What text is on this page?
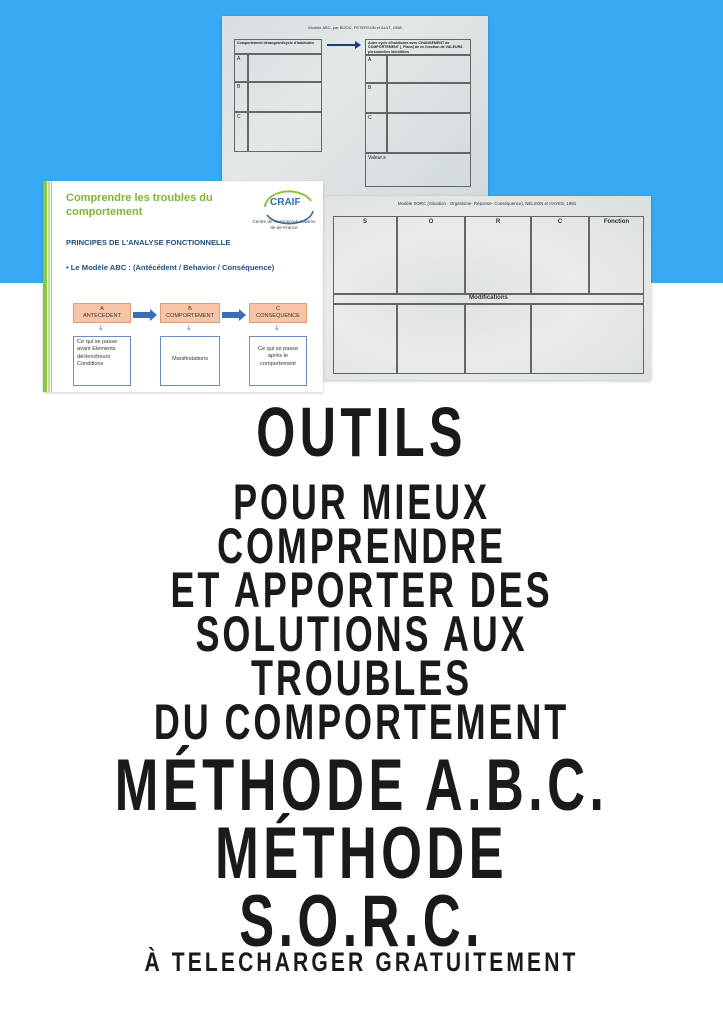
Modèle ABC, par BIJOU, PETERSON et AULT, 1968
Comportement dérangeant/cycle d'habitudes
A
B
C
Autre cycle d'habitudes avec CHANGEMENT de COMPORTEMENT (_Plans) de en fonction de VALEURS personnelles identifiées
A
B
C
Valeur.s
Modèle SORC (Situation - Organisme- Réponse- Conséquence), NELSON et HAYES, 1981
S	O	R	C	Fonction
Modifications
Comprendre les troubles du comportement
CRAIF
Centre de Ressources Autisme Ile-de-France
PRINCIPES DE L'ANALYSE FONCTIONNELLE
• Le Modèle ABC : (Antécédent / Behavior / Conséquence)
A
ANTECEDENT
B
COMPORTEMENT
C
CONSEQUENCE
↓	↓	↓
Ce qui se passe avant Eléments déclencheurs Conditions
Manifestations
Ce qui se passe après le comportement
OUTILS
POUR MIEUX COMPRENDRE
ET APPORTER DES
SOLUTIONS AUX TROUBLES
DU COMPORTEMENT
MÉTHODE A.B.C.
MÉTHODE S.O.R.C.
À TELECHARGER GRATUITEMENT
